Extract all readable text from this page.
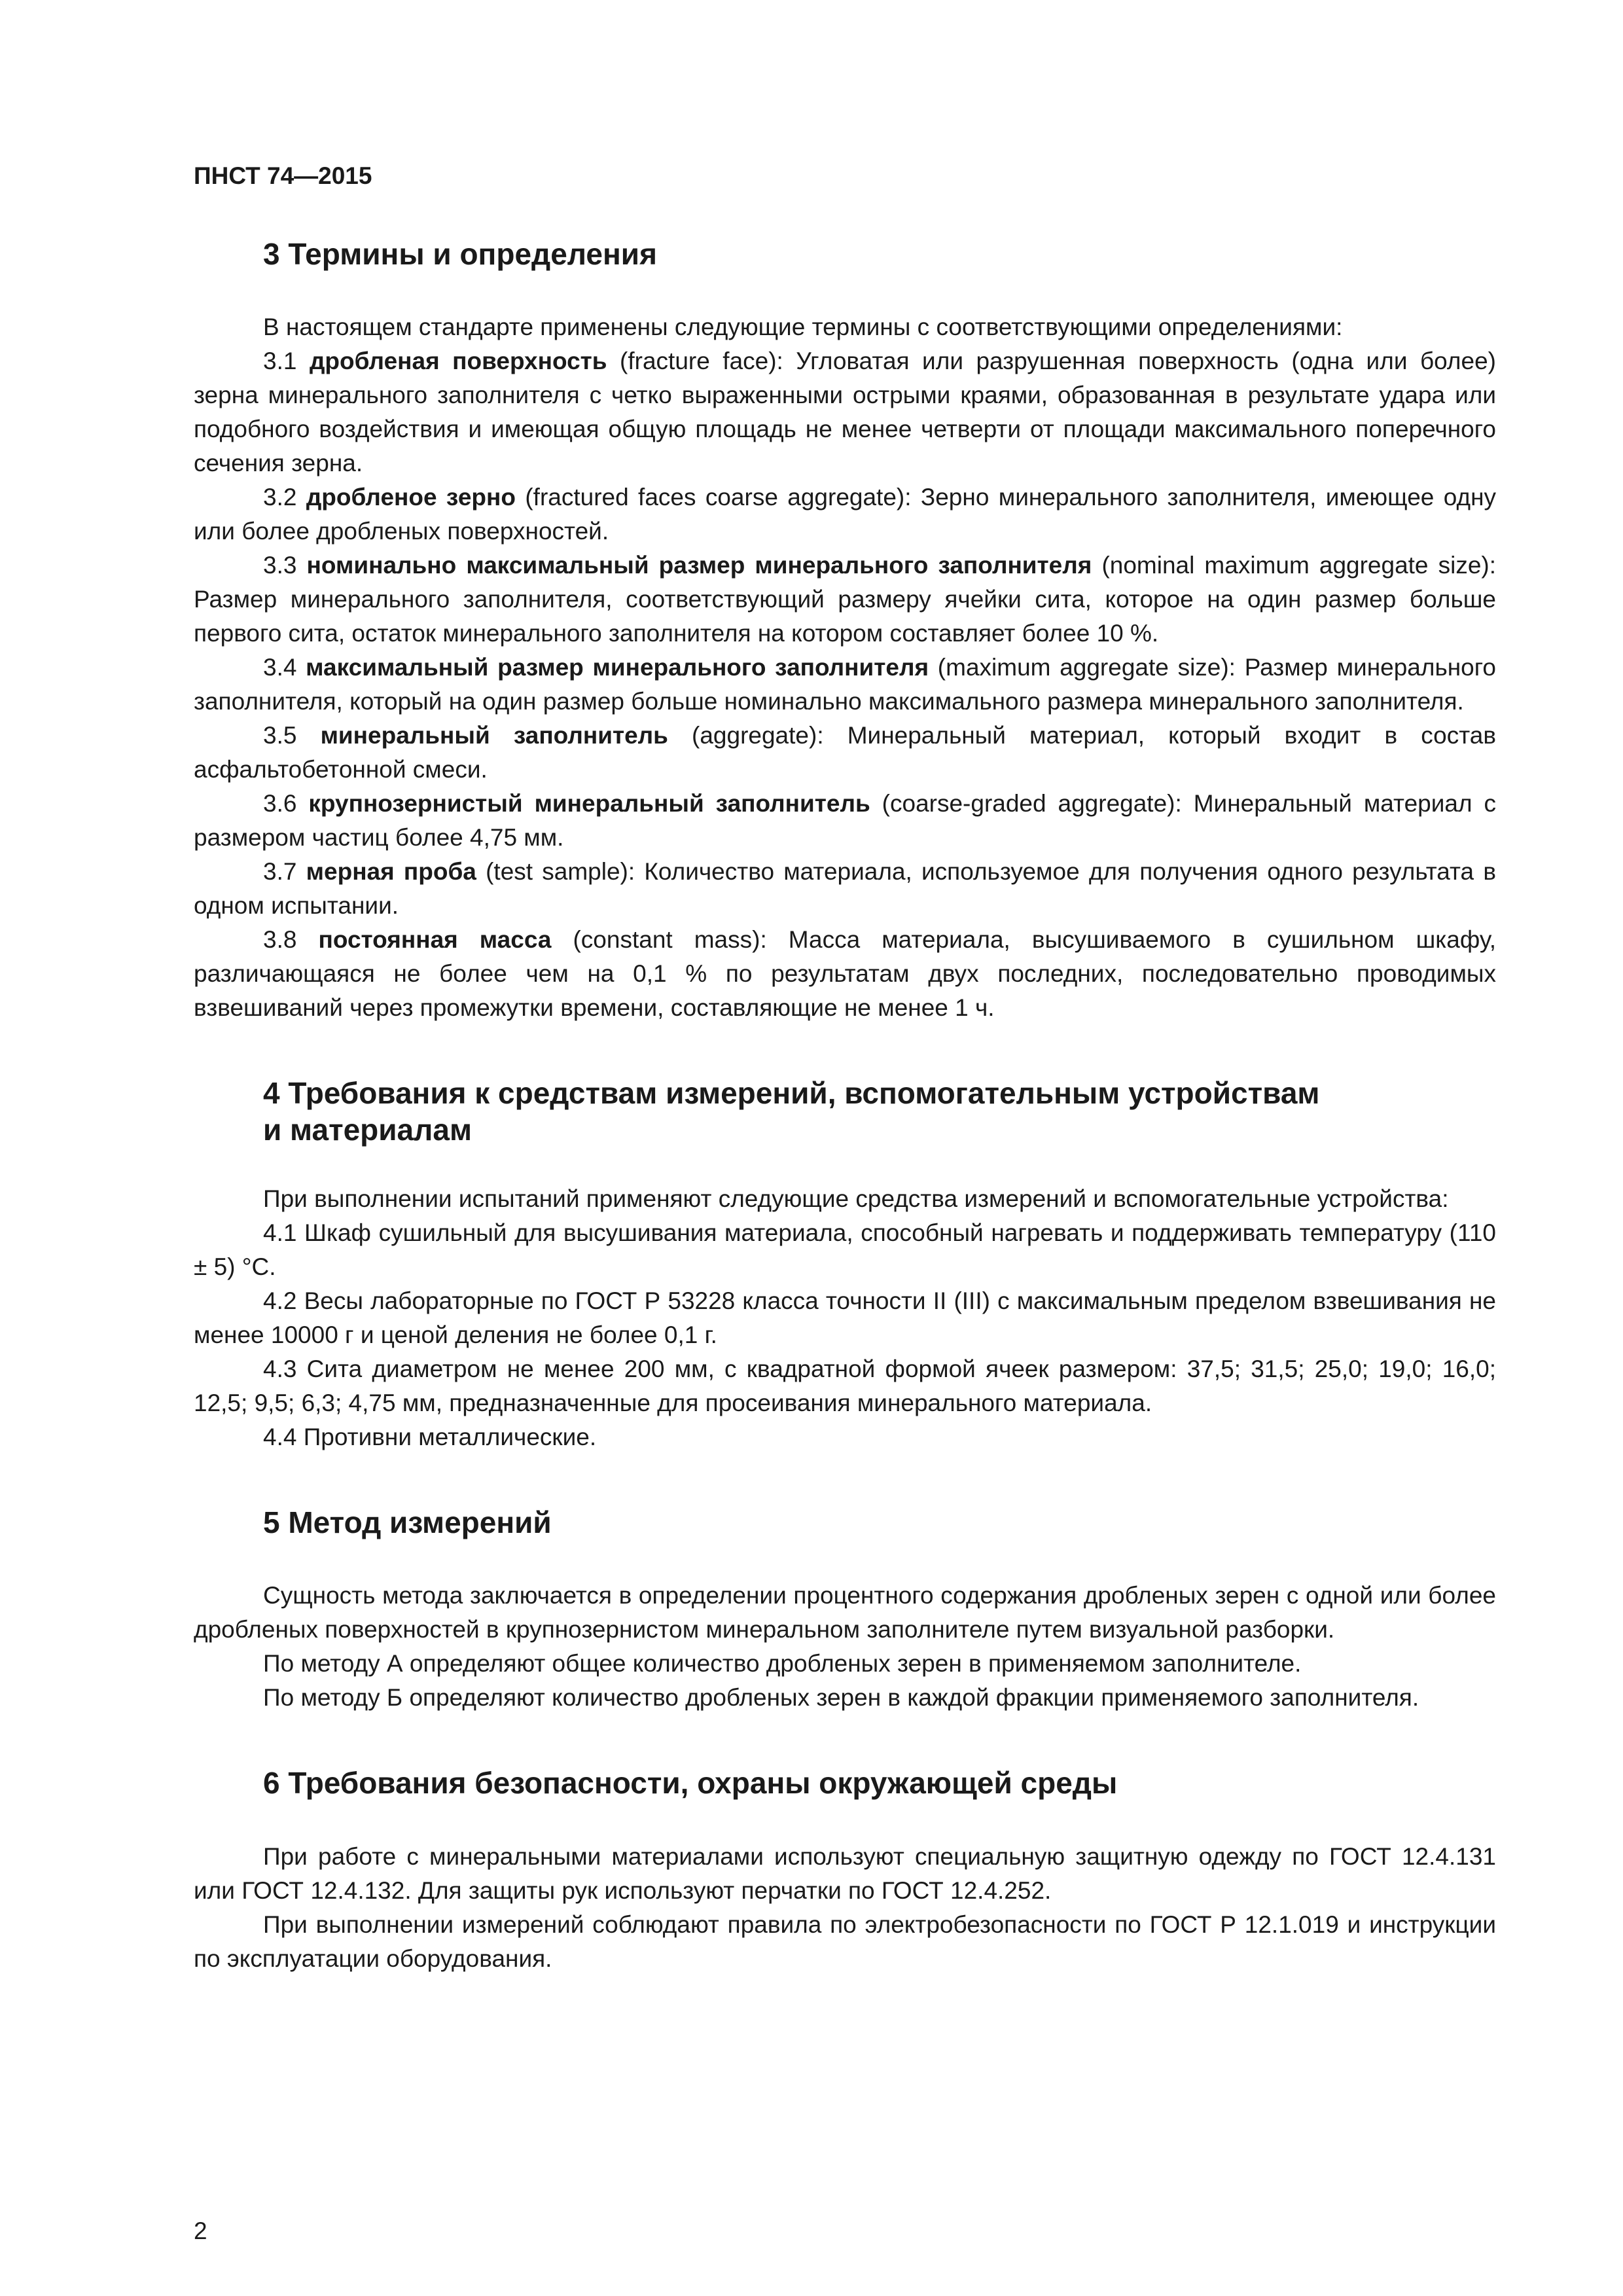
ПНСТ 74—2015
3 Термины и определения

В настоящем стандарте применены следующие термины с соответствующими определениями:

3.1 дробленая поверхность (fracture face): Угловатая или разрушенная поверхность (одна или более) зерна минерального заполнителя с четко выраженными острыми краями, образованная в результате удара или подобного воздействия и имеющая общую площадь не менее четверти от площади максимального поперечного сечения зерна.

3.2 дробленое зерно (fractured faces coarse aggregate): Зерно минерального заполнителя, имеющее одну или более дробленых поверхностей.

3.3 номинально максимальный размер минерального заполнителя (nominal maximum aggregate size): Размер минерального заполнителя, соответствующий размеру ячейки сита, которое на один размер больше первого сита, остаток минерального заполнителя на котором составляет более 10 %.

3.4 максимальный размер минерального заполнителя (maximum aggregate size): Размер минерального заполнителя, который на один размер больше номинально максимального размера минерального заполнителя.

3.5 минеральный заполнитель (aggregate): Минеральный материал, который входит в состав асфальтобетонной смеси.

3.6 крупнозернистый минеральный заполнитель (coarse-graded aggregate): Минеральный материал с размером частиц более 4,75 мм.

3.7 мерная проба (test sample): Количество материала, используемое для получения одного результата в одном испытании.

3.8 постоянная масса (constant mass): Масса материала, высушиваемого в сушильном шкафу, различающаяся не более чем на 0,1 % по результатам двух последних, последовательно проводимых взвешиваний через промежутки времени, составляющие не менее 1 ч.

4 Требования к средствам измерений, вспомогательным устройствам
и материалам

При выполнении испытаний применяют следующие средства измерений и вспомогательные устройства:

4.1 Шкаф сушильный для высушивания материала, способный нагревать и поддерживать температуру (110 ± 5) °С.

4.2 Весы лабораторные по ГОСТ Р 53228 класса точности II (III) с максимальным пределом взвешивания не менее 10000 г и ценой деления не более 0,1 г.

4.3 Сита диаметром не менее 200 мм, с квадратной формой ячеек размером: 37,5; 31,5; 25,0; 19,0; 16,0; 12,5; 9,5; 6,3; 4,75 мм, предназначенные для просеивания минерального материала.

4.4 Противни металлические.

5 Метод измерений

Сущность метода заключается в определении процентного содержания дробленых зерен с одной или более дробленых поверхностей в крупнозернистом минеральном заполнителе путем визуальной разборки.

По методу А определяют общее количество дробленых зерен в применяемом заполнителе.

По методу Б определяют количество дробленых зерен в каждой фракции применяемого заполнителя.

6 Требования безопасности, охраны окружающей среды

При работе с минеральными материалами используют специальную защитную одежду по ГОСТ 12.4.131 или ГОСТ 12.4.132. Для защиты рук используют перчатки по ГОСТ 12.4.252.

При выполнении измерений соблюдают правила по электробезопасности по ГОСТ Р 12.1.019 и инструкции по эксплуатации оборудования.

2
